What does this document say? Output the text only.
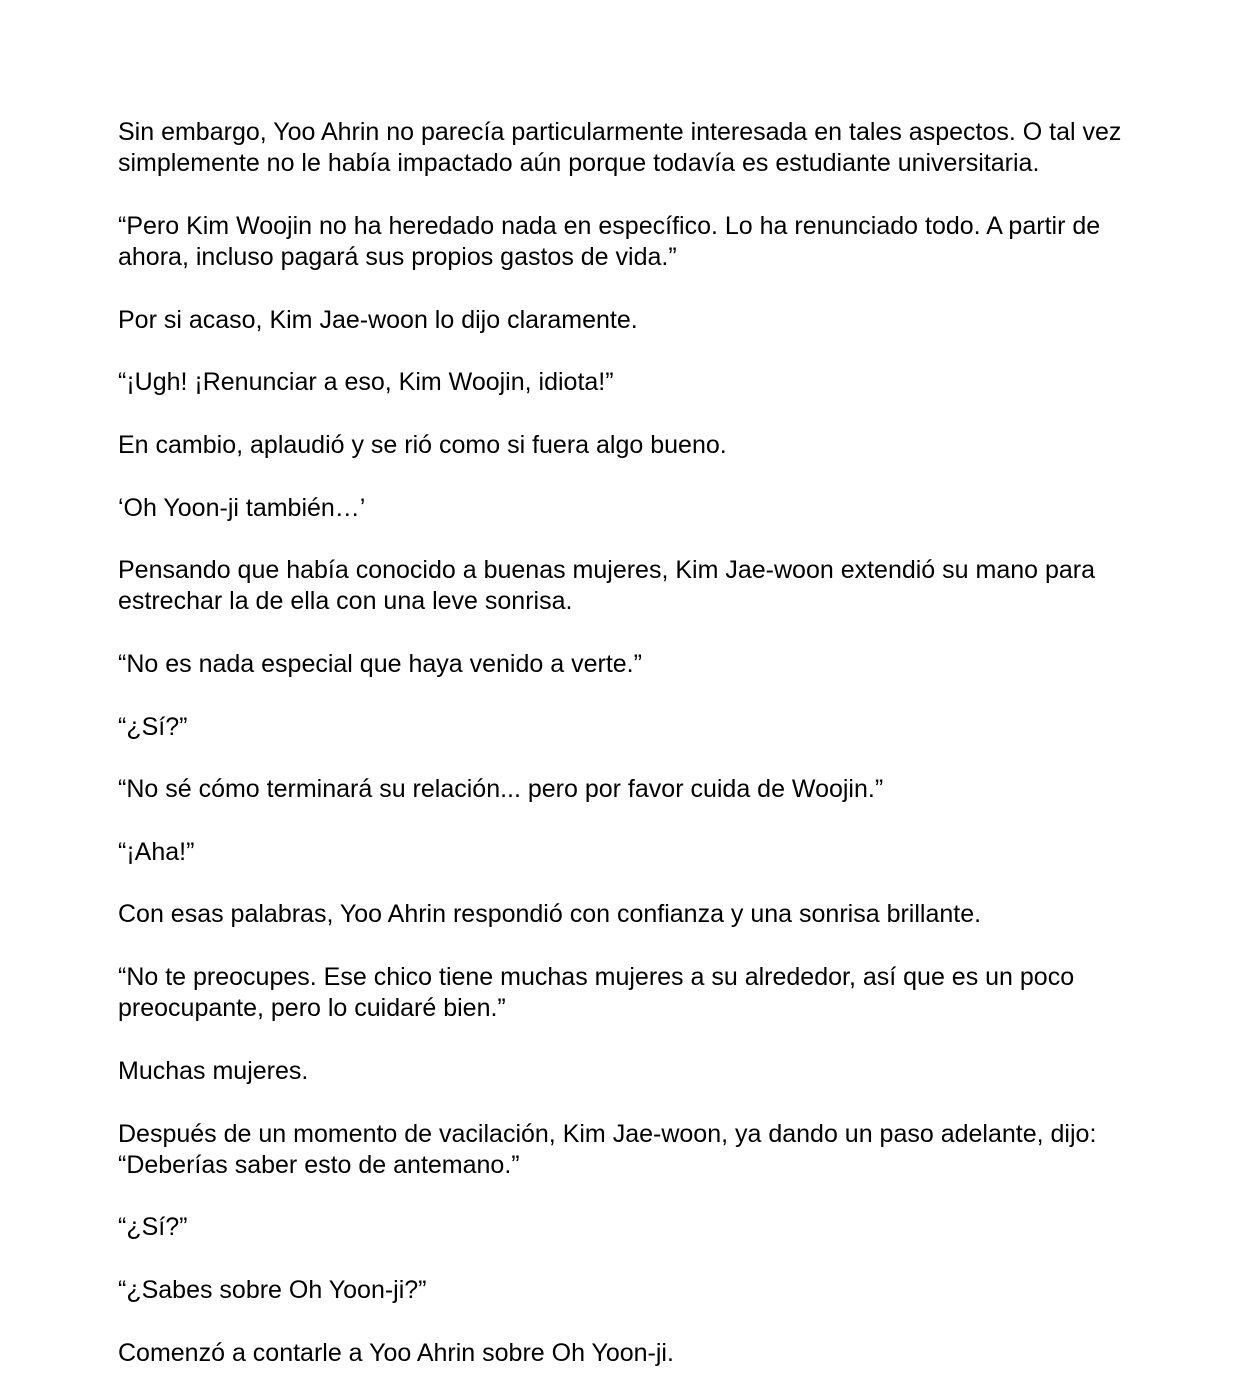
Sin embargo, Yoo Ahrin no parecía particularmente interesada en tales aspectos. O tal vez simplemente no le había impactado aún porque todavía es estudiante universitaria.

“Pero Kim Woojin no ha heredado nada en específico. Lo ha renunciado todo. A partir de ahora, incluso pagará sus propios gastos de vida.”

Por si acaso, Kim Jae-woon lo dijo claramente.

“¡Ugh! ¡Renunciar a eso, Kim Woojin, idiota!”

En cambio, aplaudió y se rió como si fuera algo bueno.

‘Oh Yoon-ji también…’

Pensando que había conocido a buenas mujeres, Kim Jae-woon extendió su mano para estrechar la de ella con una leve sonrisa.

“No es nada especial que haya venido a verte.”

“¿Sí?”

“No sé cómo terminará su relación... pero por favor cuida de Woojin.”

“¡Aha!”

Con esas palabras, Yoo Ahrin respondió con confianza y una sonrisa brillante.

“No te preocupes. Ese chico tiene muchas mujeres a su alrededor, así que es un poco preocupante, pero lo cuidaré bien.”

Muchas mujeres.

Después de un momento de vacilación, Kim Jae-woon, ya dando un paso adelante, dijo: “Deberías saber esto de antemano.”

“¿Sí?”

“¿Sabes sobre Oh Yoon-ji?”

Comenzó a contarle a Yoo Ahrin sobre Oh Yoon-ji.
